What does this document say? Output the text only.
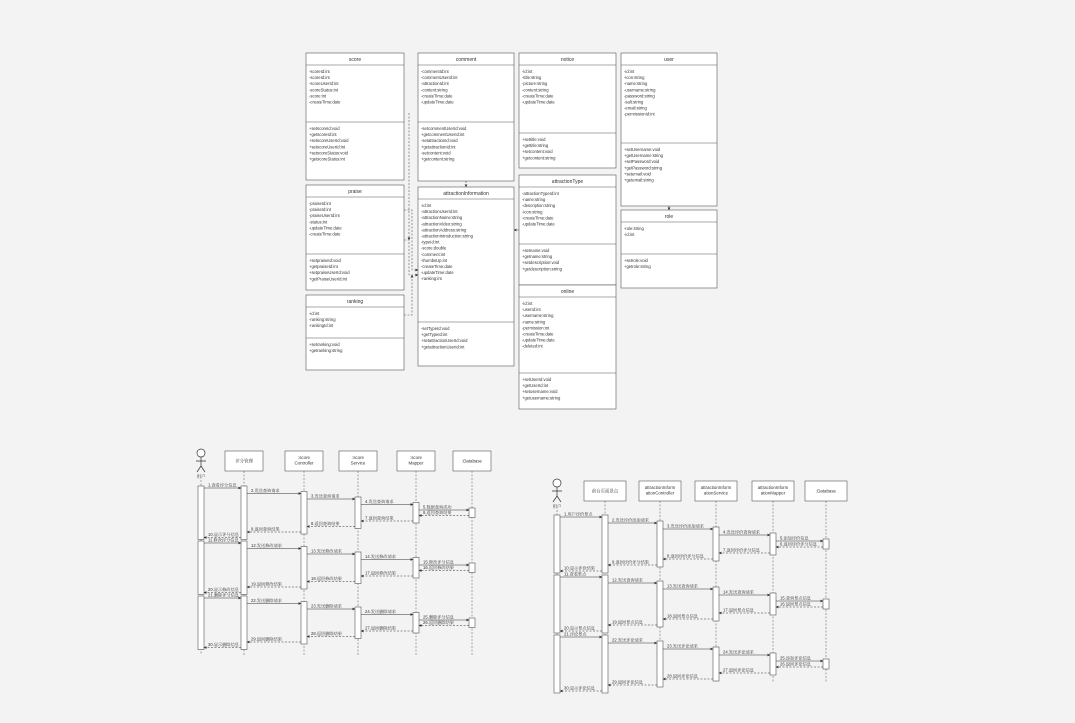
score
-scoreId:int
-scoreId:int
-scoreUserId:int
-scoreStatus:int
-score:int
-createTime:date
+setscoreId:void
+getscoreId:int
+setscoreUserId:void
+setscoreUserId:int
+setscoreStatus:void
+getscoreStatus:int
comment
-commentId:int
-commentUserId:int
-attractionId:int
-content:string
-createTime:date
-updateTime:date
-setcommentUserId:void
+getcommentUserId:int
-setattractionId:void
+getattractionId:int
-setcontent:void
+getcontent:string
notice
-id:int
-title:string
-picture:string
-content:string
-createTime:date
-updateTime:date
+settitle:void
+gettitle:string
+setcontent:void
+getcontent:string
user
-id:int
-icon:string
-name:string
-username:string
-password:string
-salt:string
-email:string
-permissionId:int
+setUsername:void
+getUsername:string
+setPassword:void
+getPassword:string
+setemail:void
+getemail:string
praise
-praiseId:int
-praiseId:int
-praiseUserId:int
-status:int
-updateTime:date
-createTime:date
+setpraiseId:void
+getpraiseId:int
+setpraiseUserId:void
+getPraiseUserId:int
attractionInformation
-id:int
-attractionUserId:int
-attractionName:string
-attractionVideo:string
-attractionAddress:string
-attractionIntroduction:string
-typeId:int
-score:double
-comment:int
-thumbsUp:int
-createTime:date
-updateTime:date
-ranking:int
-setTypeId:void
+getTypeId:int
+setattractionUserId:void
+getattractionUserId:int
attractionType
-attractionTypeId:int
-name:string
-description:string
-icon:string
-createTime:date
-updateTime:date
+setname:void
+getname:string
+setdescription:void
+getdescription:string
role
-role:string
-id:int
+setrole:void
+getrole:string
ranking
-id:int
-ranking:string
-rankingId:int
+setranking:void
+getranking:string
online
-id:int
-userId:int
-username:string
-name:string
-permission:int
-createTime:date
-updateTime:date
-deleted:int
+setUserId:void
+getUserId:int
+setusername:void
+getusername:string
用户
评分管理
:score Controller
:score Service
:score Mapper	:Database
1.查看评分信息
2.发送查询请求
3.发送查询请求
4.发送查询请求
5.数据查询成功
6.返回查询结果
7.返回查询结果
8.返回查询结果
9.返回查询结果
10.显示评分信息
11.修改评分信息
12.发送修改请求
13.发送修改请求
14.发送修改请求
15.修改评分信息
16.返回修改结果
17.返回修改结果
18.返回修改结果
19.返回修改结果
20.显示修改信息
21.删除评分信息
22.发送删除请求
23.发送删除请求
24.发送删除请求
25.删除评分信息
26.返回删除结果
27.返回删除结果
28.返回删除结果
29.返回删除结果
30.显示删除信息
用户
前台页面景点
attractionInform ationController
attractionInform ationService
attractionInform ationMapper	:Database
1.用户评价景点
2.发送评价添加请求
3.发送评价添加请求
4.发送评价查询请求
5.添加评价信息
6.返回评价评分信息
7.返回评价评分信息
8.返回评价评分信息
9.返回评价评分结果
10.显示评价结果
11.查看景点
12.发送查询请求
13.发送查询请求
14.发送查询请求
15.查询景点信息
16.返回景点信息
17.返回景点信息
18.返回景点信息
19.返回景点信息
20.显示景点信息
21.评论景点
22.发送评论请求
23.发送评论请求
24.发送评论请求
25.添加评论信息
26.返回评论信息
27.返回评论信息
28.返回评论信息
29.返回评论信息
30.显示评论信息
